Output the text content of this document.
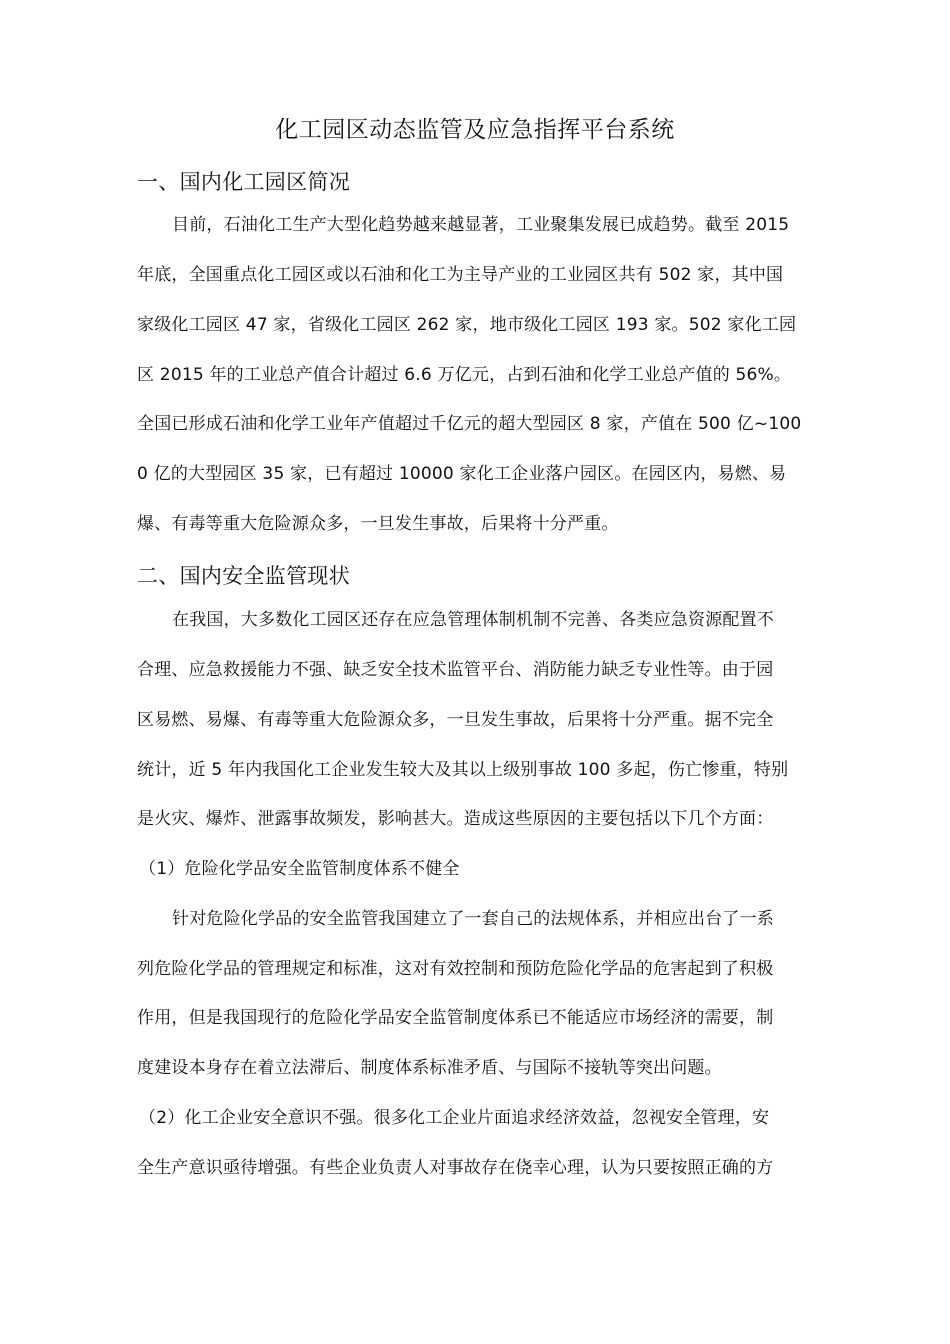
化工园区动态监管及应急指挥平台系统
一、国内化工园区简况
目前，石油化工生产大型化趋势越来越显著，工业聚集发展已成趋势。截至 2015
年底，全国重点化工园区或以石油和化工为主导产业的工业园区共有 502 家，其中国
家级化工园区 47 家，省级化工园区 262 家，地市级化工园区 193 家。502 家化工园
区 2015 年的工业总产值合计超过 6.6 万亿元，占到石油和化学工业总产值的 56%。
全国已形成石油和化学工业年产值超过千亿元的超大型园区 8 家，产值在 500 亿~100
0 亿的大型园区 35 家，已有超过 10000 家化工企业落户园区。在园区内，易燃、易
爆、有毒等重大危险源众多，一旦发生事故，后果将十分严重。
二、国内安全监管现状
在我国，大多数化工园区还存在应急管理体制机制不完善、各类应急资源配置不
合理、应急救援能力不强、缺乏安全技术监管平台、消防能力缺乏专业性等。由于园
区易燃、易爆、有毒等重大危险源众多，一旦发生事故，后果将十分严重。据不完全
统计，近 5 年内我国化工企业发生较大及其以上级别事故 100 多起，伤亡惨重，特别
是火灾、爆炸、泄露事故频发，影响甚大。造成这些原因的主要包括以下几个方面：
（1）危险化学品安全监管制度体系不健全
针对危险化学品的安全监管我国建立了一套自己的法规体系，并相应出台了一系
列危险化学品的管理规定和标准，这对有效控制和预防危险化学品的危害起到了积极
作用，但是我国现行的危险化学品安全监管制度体系已不能适应市场经济的需要，制
度建设本身存在着立法滞后、制度体系标准矛盾、与国际不接轨等突出问题。
（2）化工企业安全意识不强。很多化工企业片面追求经济效益，忽视安全管理，安
全生产意识亟待增强。有些企业负责人对事故存在侥幸心理，认为只要按照正确的方
